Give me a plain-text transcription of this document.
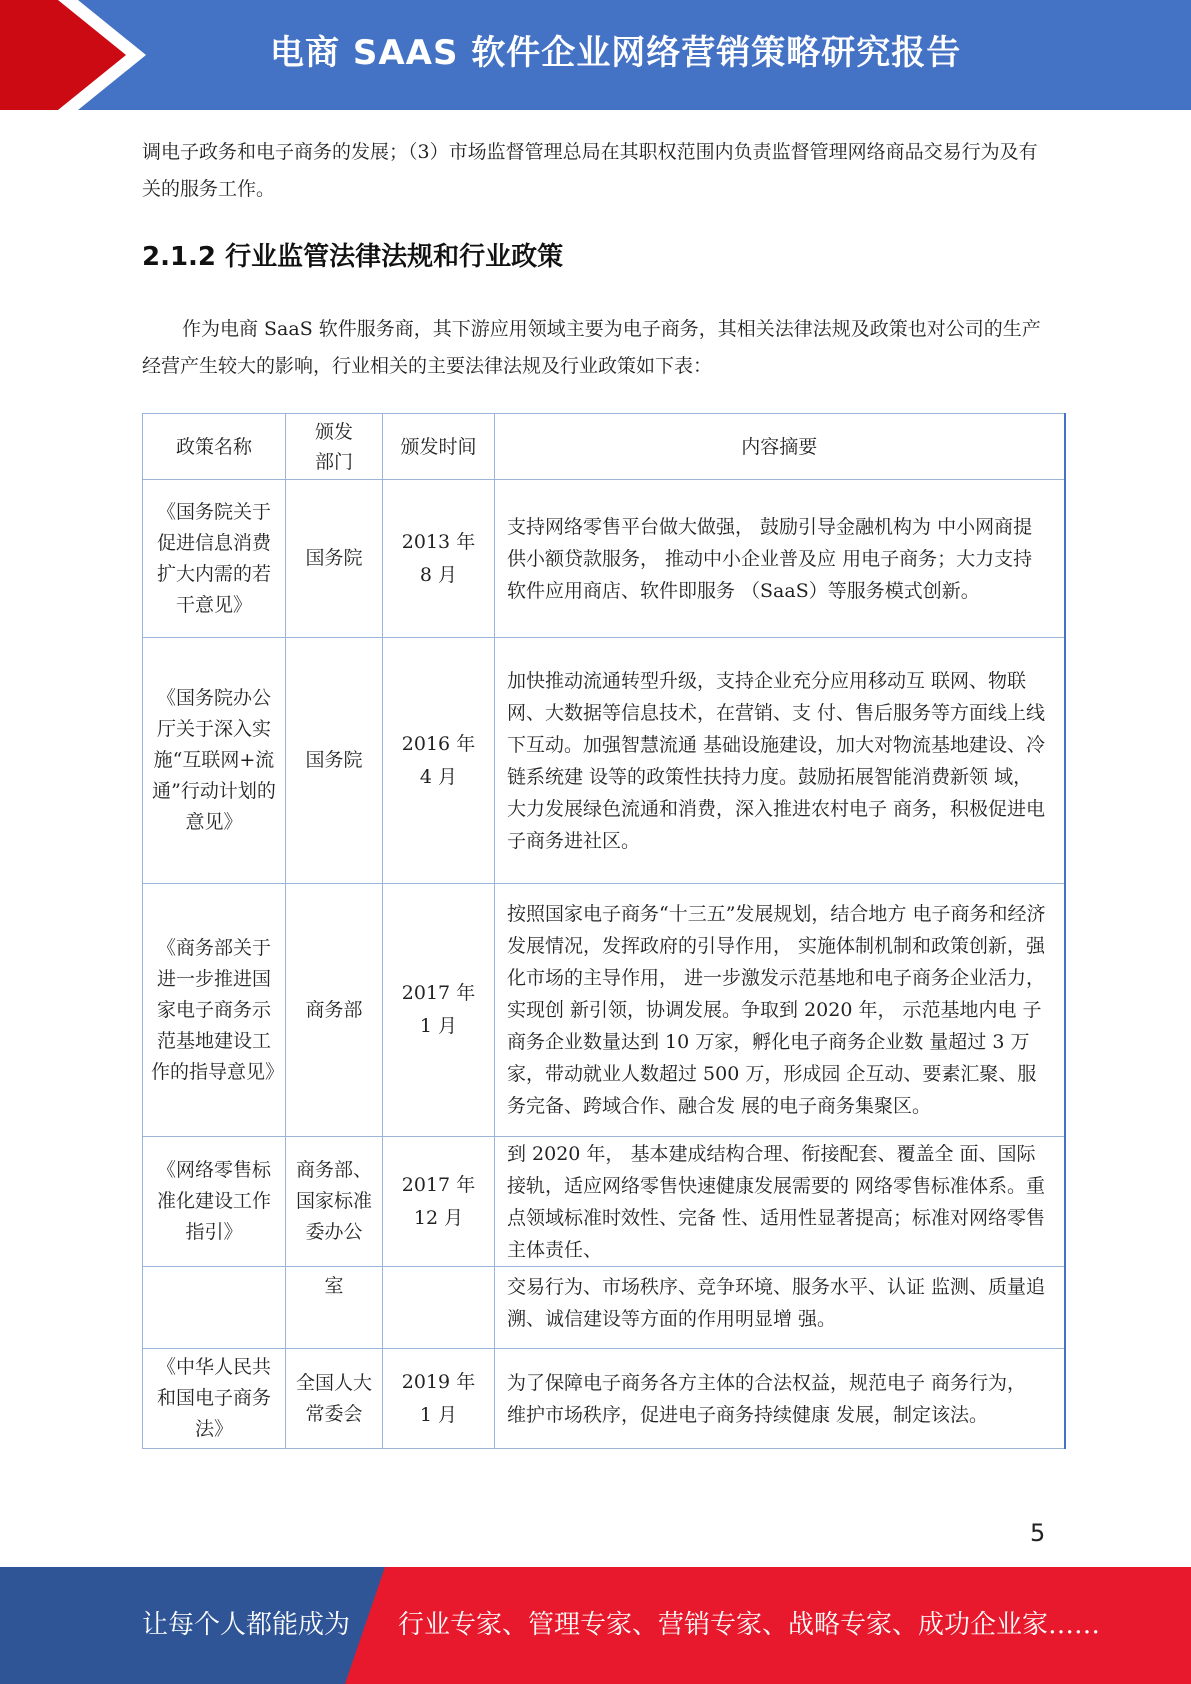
电商 SAAS 软件企业网络营销策略研究报告

调电子政务和电子商务的发展；（3）市场监督管理总局在其职权范围内负责监督管理网络商品交易行为及有关的服务工作。

2.1.2 行业监管法律法规和行业政策

作为电商 SaaS 软件服务商，其下游应用领域主要为电子商务，其相关法律法规及政策也对公司的生产经营产生较大的影响，行业相关的主要法律法规及行业政策如下表：

政策名称	颁发部门	颁发时间	内容摘要
《国务院关于促进信息消费扩大内需的若干意见》	国务院	2013 年 8 月	支持网络零售平台做大做强， 鼓励引导金融机构为 中小网商提供小额贷款服务， 推动中小企业普及应 用电子商务；大力支持软件应用商店、软件即服务 （SaaS）等服务模式创新。
《国务院办公厅关于深入实施“互联网+流通”行动计划的意见》	国务院	2016 年 4 月	加快推动流通转型升级，支持企业充分应用移动互 联网、物联网、大数据等信息技术，在营销、支 付、售后服务等方面线上线下互动。加强智慧流通 基础设施建设，加大对物流基地建设、冷链系统建 设等的政策性扶持力度。鼓励拓展智能消费新领 域，大力发展绿色流通和消费，深入推进农村电子 商务，积极促进电子商务进社区。
《商务部关于进一步推进国家电子商务示范基地建设工作的指导意见》	商务部	2017 年 1 月	按照国家电子商务“十三五”发展规划，结合地方 电子商务和经济发展情况，发挥政府的引导作用， 实施体制机制和政策创新，强化市场的主导作用， 进一步激发示范基地和电子商务企业活力，实现创 新引领，协调发展。争取到 2020 年， 示范基地内电 子商务企业数量达到 10 万家，孵化电子商务企业数 量超过 3 万家，带动就业人数超过 500 万，形成园 企互动、要素汇聚、服务完备、跨域合作、融合发 展的电子商务集聚区。
《网络零售标准化建设工作指引》	商务部、国家标准委办公	2017 年 12 月	到 2020 年， 基本建成结构合理、衔接配套、覆盖全 面、国际接轨，适应网络零售快速健康发展需要的 网络零售标准体系。重点领域标准时效性、完备 性、适用性显著提高；标准对网络零售主体责任、
	室		交易行为、市场秩序、竞争环境、服务水平、认证 监测、质量追溯、诚信建设等方面的作用明显增 强。
《中华人民共和国电子商务法》	全国人大常委会	2019 年 1 月	为了保障电子商务各方主体的合法权益，规范电子 商务行为， 维护市场秩序，促进电子商务持续健康 发展，制定该法。
5
让每个人都能成为 行业专家、管理专家、营销专家、战略专家、成功企业家……
